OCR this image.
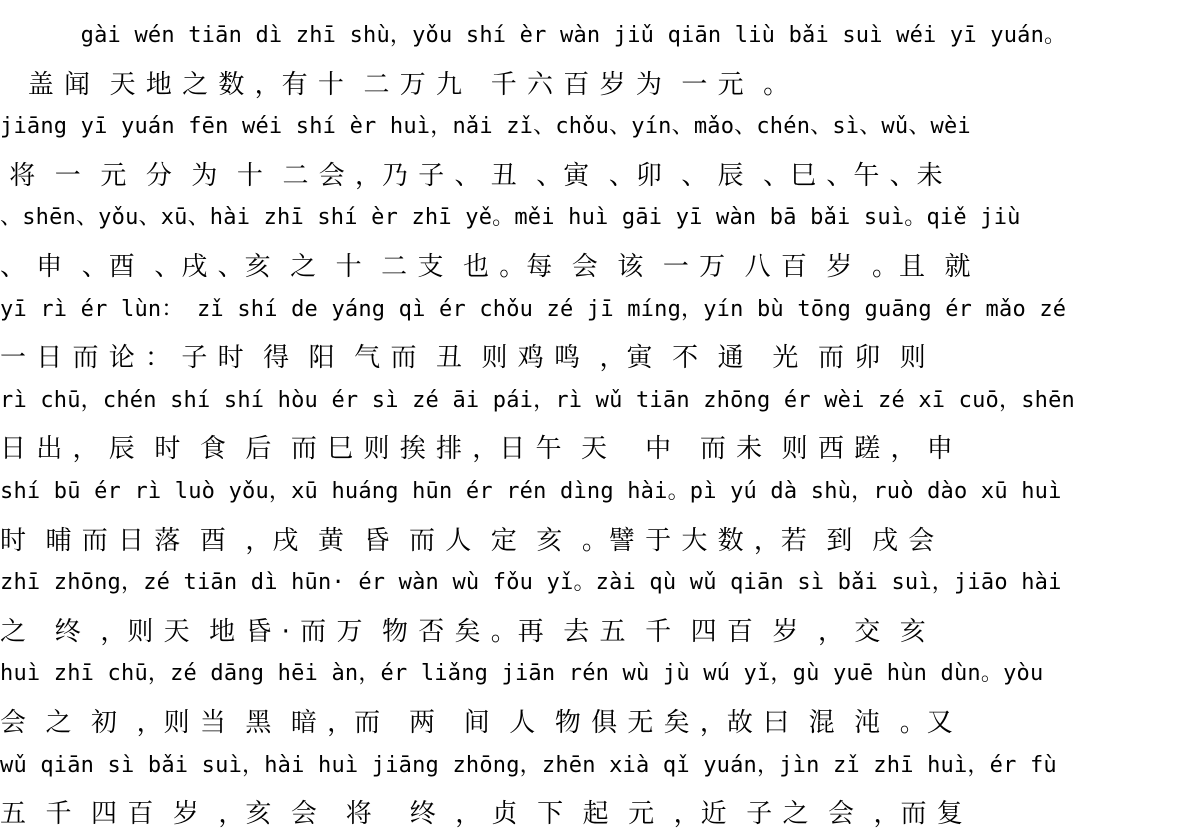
gài wén tiān dì zhī shù，yǒu shí èr wàn jiǔ qiān liù bǎi suì wéi yī yuán。
盖 闻  天 地 之 数 ，有 十  二 万 九   千 六 百 岁 为  一 元  。
jiāng yī yuán fēn wéi shí èr huì，nǎi zǐ、chǒu、yín、mǎo、chén、sì、wǔ、wèi
将  一  元  分  为  十  二 会 ，乃 子 、 丑  、寅  、卯  、 辰  、巳 、午 、未
、shēn、yǒu、xū、hài zhī shí èr zhī yě。měi huì gāi yī wàn bā bǎi suì。qiě jiù
、 申  、酉  、戌 、亥  之  十  二 支  也 。每  会  该  一 万  八 百  岁  。且  就
yī rì ér lùn： zǐ shí de yáng qì ér chǒu zé jī míng，yín bù tōng guāng ér mǎo zé
一 日 而 论 ： 子 时  得  阳  气 而  丑  则 鸡 鸣  ，寅  不  通   光  而 卯  则
rì chū，chén shí shí hòu ér sì zé āi pái，rì wǔ tiān zhōng ér wèi zé xī cuō，shēn
日 出 ， 辰  时  食  后  而 巳 则 挨 排 ，日 午  天    中   而 未  则 西 蹉 ， 申
shí bū ér rì luò yǒu，xū huáng hūn ér rén dìng hài。pì yú dà shù，ruò dào xū huì
时  晡 而 日 落  酉  ，戌  黄  昏  而 人  定  亥  。譬 于 大 数 ，若  到  戌 会
zhī zhōng，zé tiān dì hūn· ér wàn wù fǒu yǐ。zài qù wǔ qiān sì bǎi suì，jiāo hài
之   终  ，则 天  地 昏 · 而 万  物 否 矣 。再  去 五  千  四 百  岁  ， 交  亥
huì zhī chū，zé dāng hēi àn，ér liǎng jiān rén wù jù wú yǐ，gù yuē hùn dùn。yòu
会  之  初  ，则 当  黑  暗 ，而   两   间  人  物 俱 无 矣 ，故 曰  混  沌  。又
wǔ qiān sì bǎi suì，hài huì jiāng zhōng，zhēn xià qǐ yuán，jìn zǐ zhī huì，ér fù
五  千  四 百  岁  ，亥  会   将    终  ， 贞  下  起  元  ，近  子 之  会  ，而 复
